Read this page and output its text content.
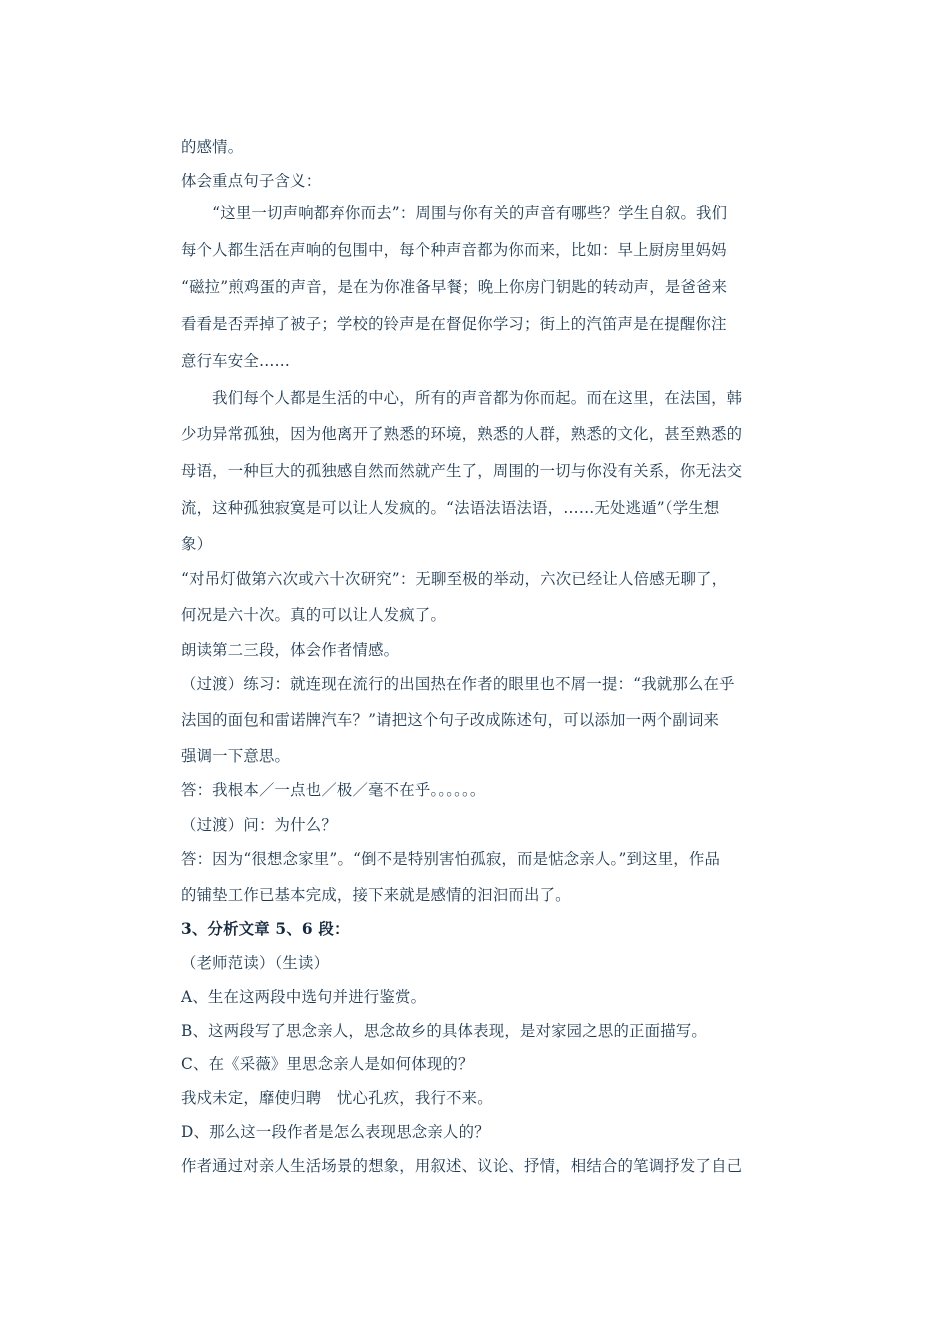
的感情。
体会重点句子含义：
　　“这里一切声响都弃你而去”：周围与你有关的声音有哪些？学生自叙。我们
每个人都生活在声响的包围中，每个种声音都为你而来，比如：早上厨房里妈妈
“磁拉”煎鸡蛋的声音，是在为你准备早餐；晚上你房门钥匙的转动声，是爸爸来
看看是否弄掉了被子；学校的铃声是在督促你学习；街上的汽笛声是在提醒你注
意行车安全……
　　我们每个人都是生活的中心，所有的声音都为你而起。而在这里，在法国，韩
少功异常孤独，因为他离开了熟悉的环境，熟悉的人群，熟悉的文化，甚至熟悉的
母语，一种巨大的孤独感自然而然就产生了，周围的一切与你没有关系，你无法交
流，这种孤独寂寞是可以让人发疯的。“法语法语法语，……无处逃遁”（学生想
象）
“对吊灯做第六次或六十次研究”：无聊至极的举动，六次已经让人倍感无聊了，
何况是六十次。真的可以让人发疯了。
朗读第二三段，体会作者情感。
（过渡）练习：就连现在流行的出国热在作者的眼里也不屑一提：“我就那么在乎
法国的面包和雷诺牌汽车？”请把这个句子改成陈述句，可以添加一两个副词来
强调一下意思。
答：我根本／一点也／极／毫不在乎。。。。。。
（过渡）问：为什么？
答：因为“很想念家里”。“倒不是特别害怕孤寂，而是惦念亲人。”到这里，作品
的铺垫工作已基本完成，接下来就是感情的汩汩而出了。
3、分析文章 5、6 段：
（老师范读）（生读）
A、生在这两段中选句并进行鉴赏。
B、这两段写了思念亲人，思念故乡的具体表现，是对家园之思的正面描写。
C、在《采薇》里思念亲人是如何体现的？
我戍未定，靡使归聘　忧心孔疚，我行不来。
D、那么这一段作者是怎么表现思念亲人的？
作者通过对亲人生活场景的想象，用叙述、议论、抒情，相结合的笔调抒发了自己
